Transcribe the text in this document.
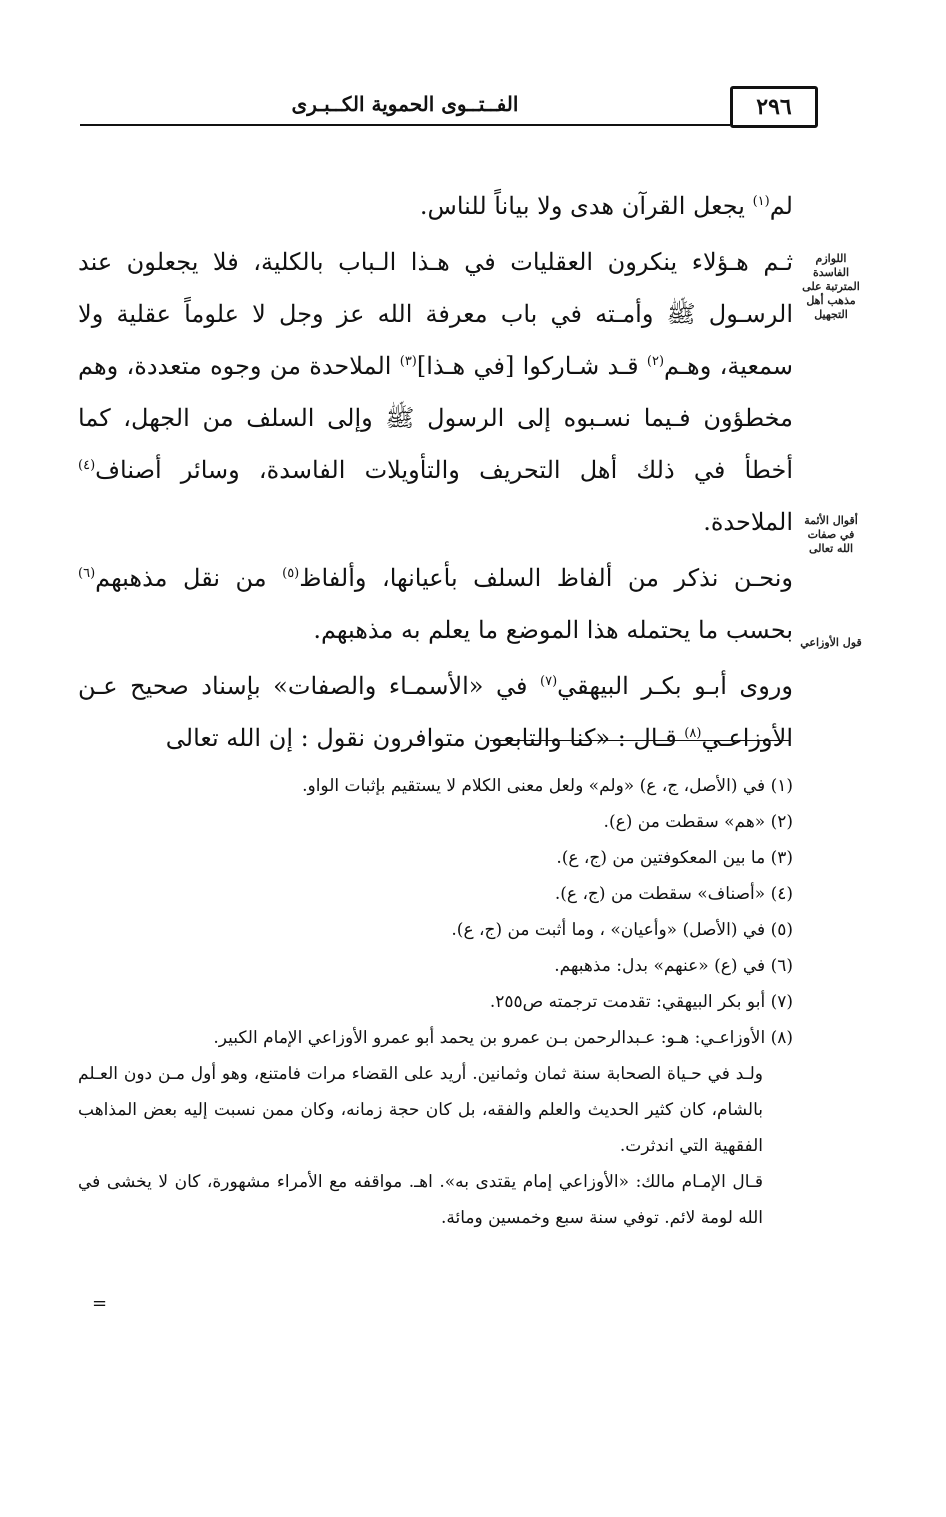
٢٩٦
الفــتــوى الحموية الكــبـرى
اللوازم الفاسدة المترتبة على مذهب أهل التجهيل
أقوال الأئمة في صفات الله تعالى
قول الأوزاعي

لم$^{(١)}$ يجعل القرآن هدى ولا بياناً للناس.

ثـم هـؤلاء ينكرون العقليات في هـذا الـباب بالكلية، فلا يجعلون عند الرسـول ﷺ وأمـته في باب معرفة الله عز وجل لا علوماً عقلية ولا سمعية، وهـم$^{(٢)}$ قـد شـاركوا [في هـذا]$^{(٣)}$ الملاحدة من وجوه متعددة، وهم مخطؤون فـيما نسـبوه إلى الرسول ﷺ وإلى السلف من الجهل، كما أخطأ في ذلك أهل التحريف والتأويلات الفاسدة، وسائر أصناف$^{(٤)}$ الملاحدة.

ونحـن نذكر من ألفاظ السلف بأعيانها، وألفاظ$^{(٥)}$ من نقل مذهبهم$^{(٦)}$ بحسب ما يحتمله هذا الموضع ما يعلم به مذهبهم.

وروى أبـو بكـر البيهقي$^{(٧)}$ في «الأسمـاء والصفات» بإسناد صحيح عـن الأوزاعـي$^{(٨)}$ قـال : «كنا والتابعون متوافرون نقول : إن الله تعالى

(١) في (الأصل، ج، ع) «ولم» ولعل معنى الكلام لا يستقيم بإثبات الواو.

(٢) «هم» سقطت من (ع).

(٣) ما بين المعكوفتين من (ج، ع).

(٤) «أصناف» سقطت من (ج، ع).

(٥) في (الأصل) «وأعيان» ، وما أثبت من (ج، ع).

(٦) في (ع) «عنهم» بدل: مذهبهم.

(٧) أبو بكر البيهقي: تقدمت ترجمته ص٢٥٥.

(٨) الأوزاعـي: هـو: عـبدالرحمن بـن عمرو بن يحمد أبو عمرو الأوزاعي الإمام الكبير.

ولـد في حـياة الصحابة سنة ثمان وثمانين. أريد على القضاء مرات فامتنع، وهو أول مـن دون العـلم بالشام، كان كثير الحديث والعلم والفقه، بل كان حجة زمانه، وكان ممن نسبت إليه بعض المذاهب الفقهية التي اندثرت.

قـال الإمـام مالك: «الأوزاعي إمام يقتدى به». اهـ. مواقفه مع الأمراء مشهورة، كان لا يخشى في الله لومة لائم. توفي سنة سبع وخمسين ومائة.

=
